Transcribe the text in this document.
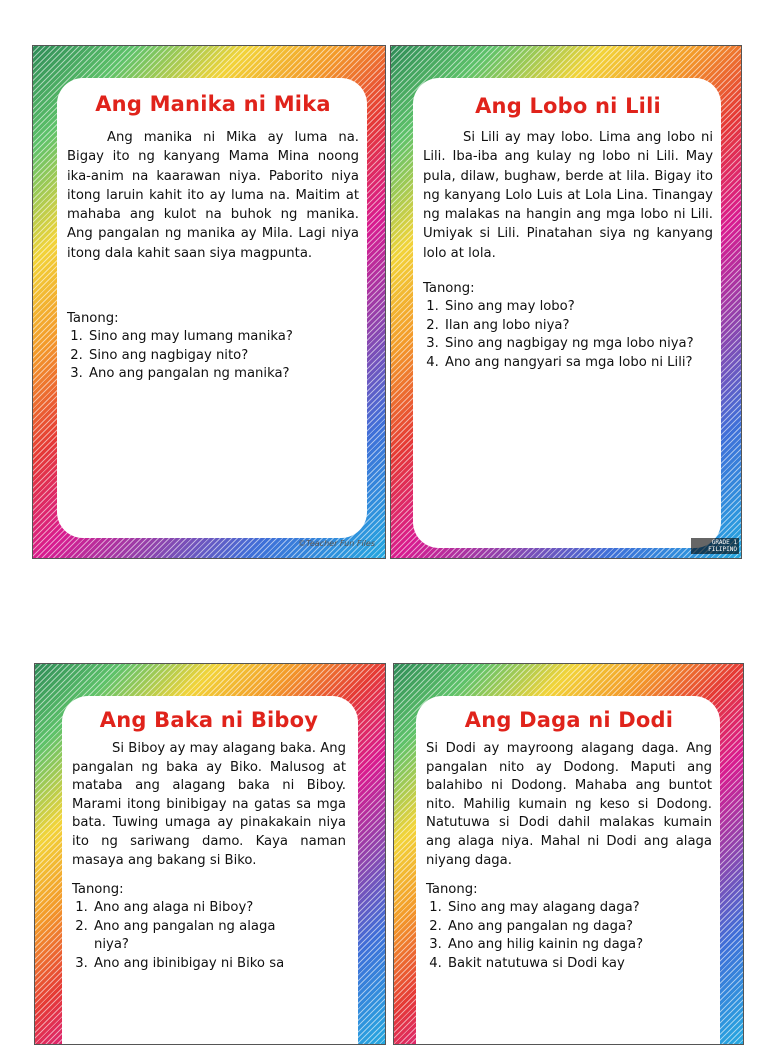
Ang Manika ni Mika

Ang manika ni Mika ay luma na. Bigay ito ng kanyang Mama Mina noong ika-anim na kaarawan niya. Paborito niya itong laruin kahit ito ay luma na. Maitim at mahaba ang kulot na buhok ng manika. Ang pangalan ng manika ay Mila. Lagi niya itong dala kahit saan siya magpunta.

Tanong:
1. Sino ang may lumang manika?
2. Sino ang nagbigay nito?
3. Ano ang pangalan ng manika?
©Teacher Fun Files
Ang Lobo ni Lili

Si Lili ay may lobo. Lima ang lobo ni Lili. Iba-iba ang kulay ng lobo ni Lili. May pula, dilaw, bughaw, berde at lila. Bigay ito ng kanyang Lolo Luis at Lola Lina. Tinangay ng malakas na hangin ang mga lobo ni Lili. Umiyak si Lili. Pinatahan siya ng kanyang lolo at lola.

Tanong:
1. Sino ang may lobo?
2. Ilan ang lobo niya?
3. Sino ang nagbigay ng mga lobo niya?
4. Ano ang nangyari sa mga lobo ni Lili?
GRADE 1 FILIPINO
Ang Baka ni Biboy

Si Biboy ay may alagang baka. Ang pangalan ng baka ay Biko. Malusog at mataba ang alagang baka ni Biboy. Marami itong binibigay na gatas sa mga bata. Tuwing umaga ay pinakakain niya ito ng sariwang damo. Kaya naman masaya ang bakang si Biko.

Tanong:
1. Ano ang alaga ni Biboy?
2. Ano ang pangalan ng alaga niya?
3. Ano ang ibinibigay ni Biko sa
Ang Daga ni Dodi

Si Dodi ay mayroong alagang daga. Ang pangalan nito ay Dodong. Maputi ang balahibo ni Dodong. Mahaba ang buntot nito. Mahilig kumain ng keso si Dodong. Natutuwa si Dodi dahil malakas kumain ang alaga niya. Mahal ni Dodi ang alaga niyang daga.

Tanong:
1. Sino ang may alagang daga?
2. Ano ang pangalan ng daga?
3. Ano ang hilig kainin ng daga?
4. Bakit natutuwa si Dodi kay
